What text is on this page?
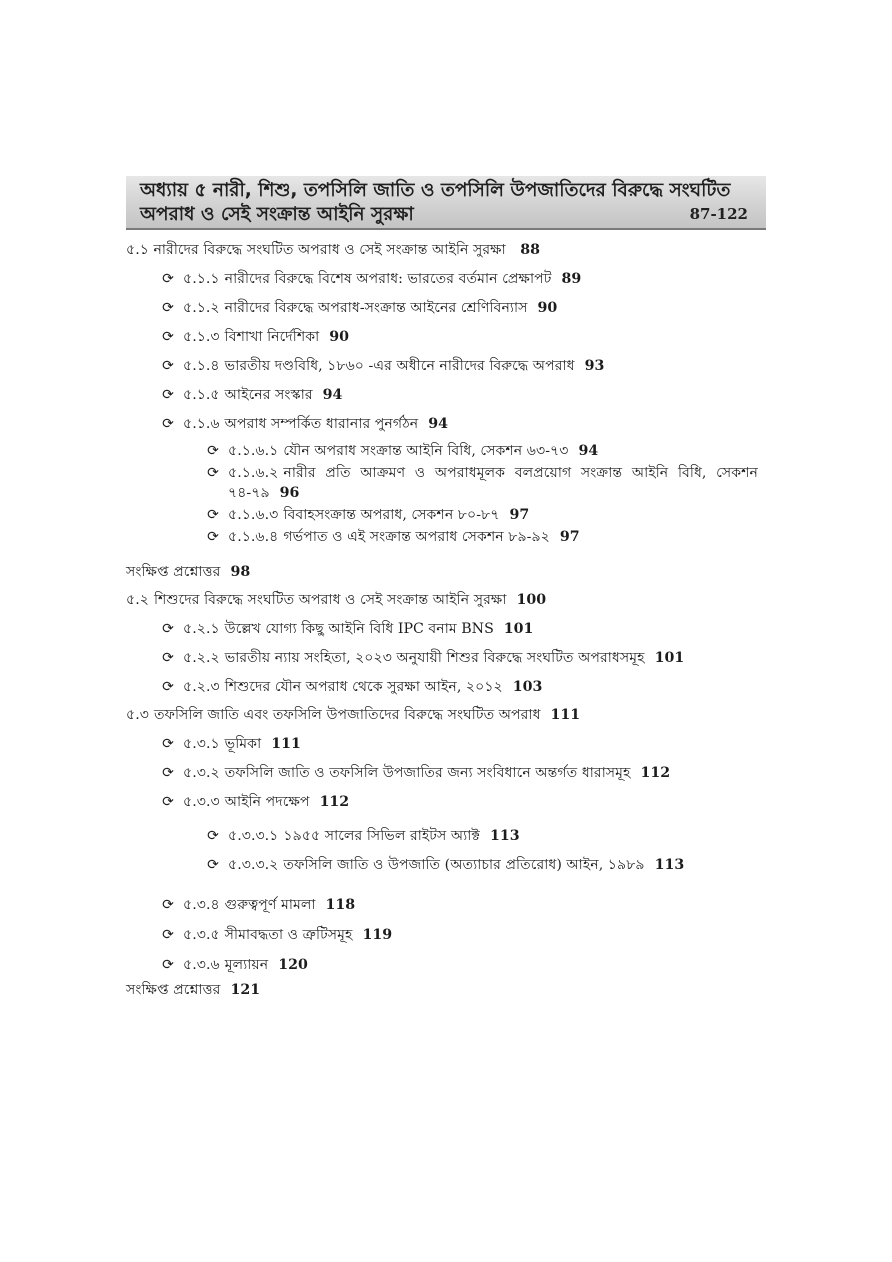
অধ্যায় ৫ নারী, শিশু, তপসিলি জাতি ও তপসিলি উপজাতিদের বিরুদ্ধে সংঘটিত অপরাধ ও সেই সংক্রান্ত আইনি সুরক্ষা	87-122
৫.১ নারীদের বিরুদ্ধে সংঘটিত অপরাধ ও সেই সংক্রান্ত আইনি সুরক্ষা 88
⟳ ৫.১.১ নারীদের বিরুদ্ধে বিশেষ অপরাধ: ভারতের বর্তমান প্রেক্ষাপট 89
⟳ ৫.১.২ নারীদের বিরুদ্ধে অপরাধ-সংক্রান্ত আইনের শ্রেণিবিন্যাস 90
⟳ ৫.১.৩ বিশাখা নির্দেশিকা 90
⟳ ৫.১.৪ ভারতীয় দণ্ডবিধি, ১৮৬০ -এর অধীনে নারীদের বিরুদ্ধে অপরাধ 93
⟳ ৫.১.৫ আইনের সংস্কার 94
⟳ ৫.১.৬ অপরাধ সম্পর্কিত ধারানার পুনর্গঠন 94
⟳ ৫.১.৬.১ যৌন অপরাধ সংক্রান্ত আইনি বিধি, সেকশন ৬৩-৭৩ 94
⟳ ৫.১.৬.২ নারীর প্রতি আক্রমণ ও অপরাধমূলক বলপ্রয়োগ সংক্রান্ত আইনি বিধি, সেকশন ৭৪-৭৯ 96
⟳ ৫.১.৬.৩ বিবাহসংক্রান্ত অপরাধ, সেকশন ৮০-৮৭ 97
⟳ ৫.১.৬.৪ গর্ভপাত ও এই সংক্রান্ত অপরাধ সেকশন ৮৯-৯২ 97
সংক্ষিপ্ত প্রশ্নোত্তর 98
৫.২ শিশুদের বিরুদ্ধে সংঘটিত অপরাধ ও সেই সংক্রান্ত আইনি সুরক্ষা 100
⟳ ৫.২.১ উল্লেখ যোগ্য কিছু আইনি বিধি IPC বনাম BNS 101
⟳ ৫.২.২ ভারতীয় ন্যায় সংহিতা, ২০২৩ অনুযায়ী শিশুর বিরুদ্ধে সংঘটিত অপরাধসমূহ 101
⟳ ৫.২.৩ শিশুদের যৌন অপরাধ থেকে সুরক্ষা আইন, ২০১২ 103
৫.৩ তফসিলি জাতি এবং তফসিলি উপজাতিদের বিরুদ্ধে সংঘটিত অপরাধ 111
⟳ ৫.৩.১ ভূমিকা 111
⟳ ৫.৩.২ তফসিলি জাতি ও তফসিলি উপজাতির জন্য সংবিধানে অন্তর্গত ধারাসমূহ 112
⟳ ৫.৩.৩ আইনি পদক্ষেপ 112
⟳ ৫.৩.৩.১ ১৯৫৫ সালের সিভিল রাইটস অ্যাক্ট 113
⟳ ৫.৩.৩.২ তফসিলি জাতি ও উপজাতি (অত্যাচার প্রতিরোধ) আইন, ১৯৮৯ 113
⟳ ৫.৩.৪ গুরুত্বপূর্ণ মামলা 118
⟳ ৫.৩.৫ সীমাবদ্ধতা ও ত্রুটিসমূহ 119
⟳ ৫.৩.৬ মূল্যায়ন 120
সংক্ষিপ্ত প্রশ্নোত্তর 121
